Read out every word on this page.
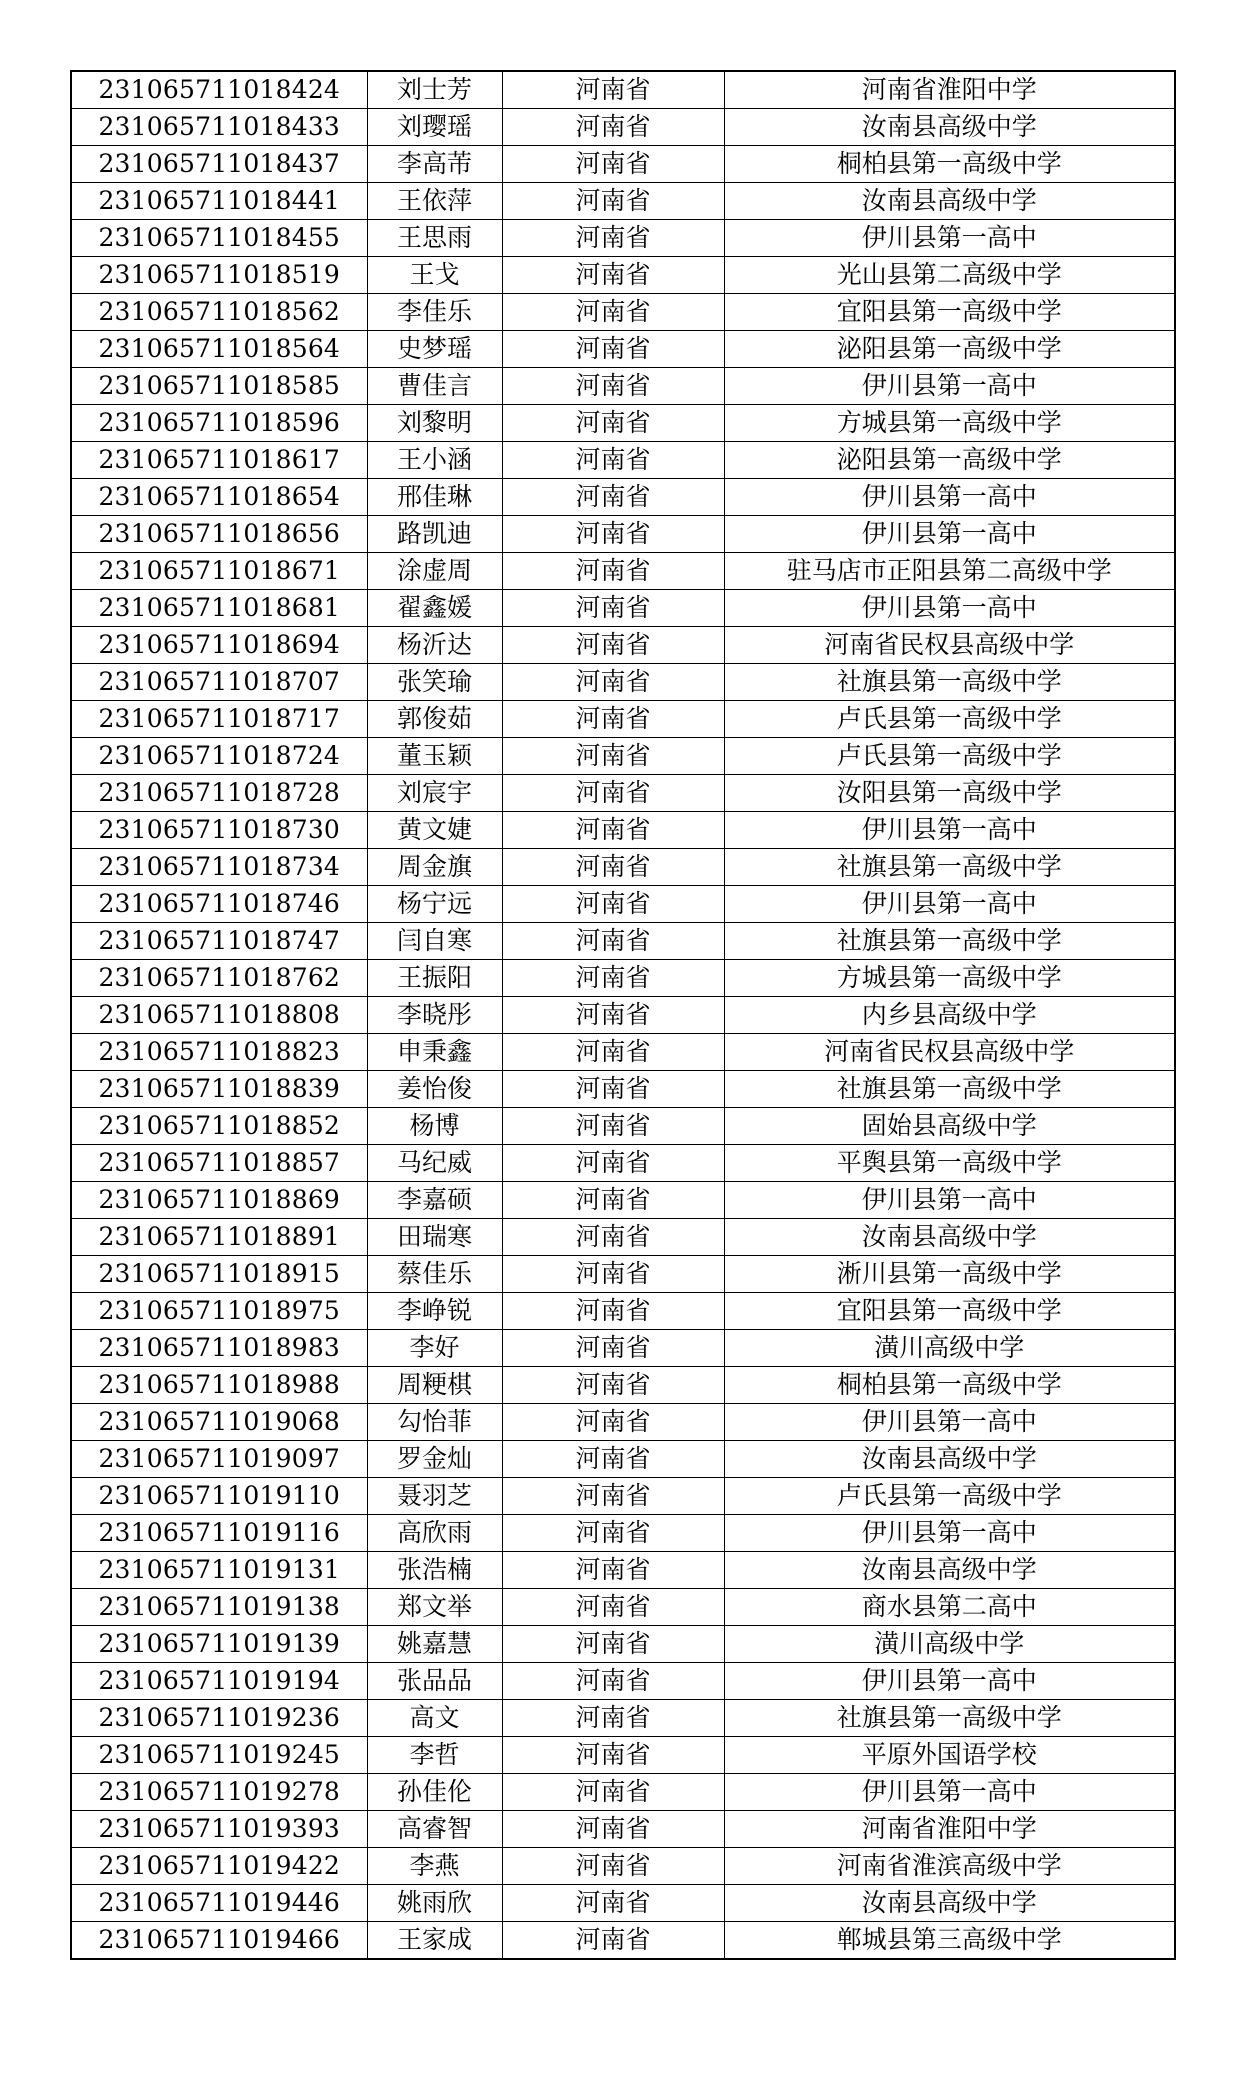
231065711018424	刘士芳	河南省	河南省淮阳中学
231065711018433	刘璎瑶	河南省	汝南县高级中学
231065711018437	李高芾	河南省	桐柏县第一高级中学
231065711018441	王依萍	河南省	汝南县高级中学
231065711018455	王思雨	河南省	伊川县第一高中
231065711018519	王戈	河南省	光山县第二高级中学
231065711018562	李佳乐	河南省	宜阳县第一高级中学
231065711018564	史梦瑶	河南省	泌阳县第一高级中学
231065711018585	曹佳言	河南省	伊川县第一高中
231065711018596	刘黎明	河南省	方城县第一高级中学
231065711018617	王小涵	河南省	泌阳县第一高级中学
231065711018654	邢佳琳	河南省	伊川县第一高中
231065711018656	路凯迪	河南省	伊川县第一高中
231065711018671	涂虚周	河南省	驻马店市正阳县第二高级中学
231065711018681	翟鑫媛	河南省	伊川县第一高中
231065711018694	杨沂达	河南省	河南省民权县高级中学
231065711018707	张笑瑜	河南省	社旗县第一高级中学
231065711018717	郭俊茹	河南省	卢氏县第一高级中学
231065711018724	董玉颖	河南省	卢氏县第一高级中学
231065711018728	刘宸宇	河南省	汝阳县第一高级中学
231065711018730	黄文婕	河南省	伊川县第一高中
231065711018734	周金旗	河南省	社旗县第一高级中学
231065711018746	杨宁远	河南省	伊川县第一高中
231065711018747	闫自寒	河南省	社旗县第一高级中学
231065711018762	王振阳	河南省	方城县第一高级中学
231065711018808	李晓彤	河南省	内乡县高级中学
231065711018823	申秉鑫	河南省	河南省民权县高级中学
231065711018839	姜怡俊	河南省	社旗县第一高级中学
231065711018852	杨博	河南省	固始县高级中学
231065711018857	马纪威	河南省	平舆县第一高级中学
231065711018869	李嘉硕	河南省	伊川县第一高中
231065711018891	田瑞寒	河南省	汝南县高级中学
231065711018915	蔡佳乐	河南省	淅川县第一高级中学
231065711018975	李峥锐	河南省	宜阳县第一高级中学
231065711018983	李好	河南省	潢川高级中学
231065711018988	周粳棋	河南省	桐柏县第一高级中学
231065711019068	勾怡菲	河南省	伊川县第一高中
231065711019097	罗金灿	河南省	汝南县高级中学
231065711019110	聂羽芝	河南省	卢氏县第一高级中学
231065711019116	高欣雨	河南省	伊川县第一高中
231065711019131	张浩楠	河南省	汝南县高级中学
231065711019138	郑文举	河南省	商水县第二高中
231065711019139	姚嘉慧	河南省	潢川高级中学
231065711019194	张品品	河南省	伊川县第一高中
231065711019236	高文	河南省	社旗县第一高级中学
231065711019245	李哲	河南省	平原外国语学校
231065711019278	孙佳伦	河南省	伊川县第一高中
231065711019393	高睿智	河南省	河南省淮阳中学
231065711019422	李燕	河南省	河南省淮滨高级中学
231065711019446	姚雨欣	河南省	汝南县高级中学
231065711019466	王家成	河南省	郸城县第三高级中学
